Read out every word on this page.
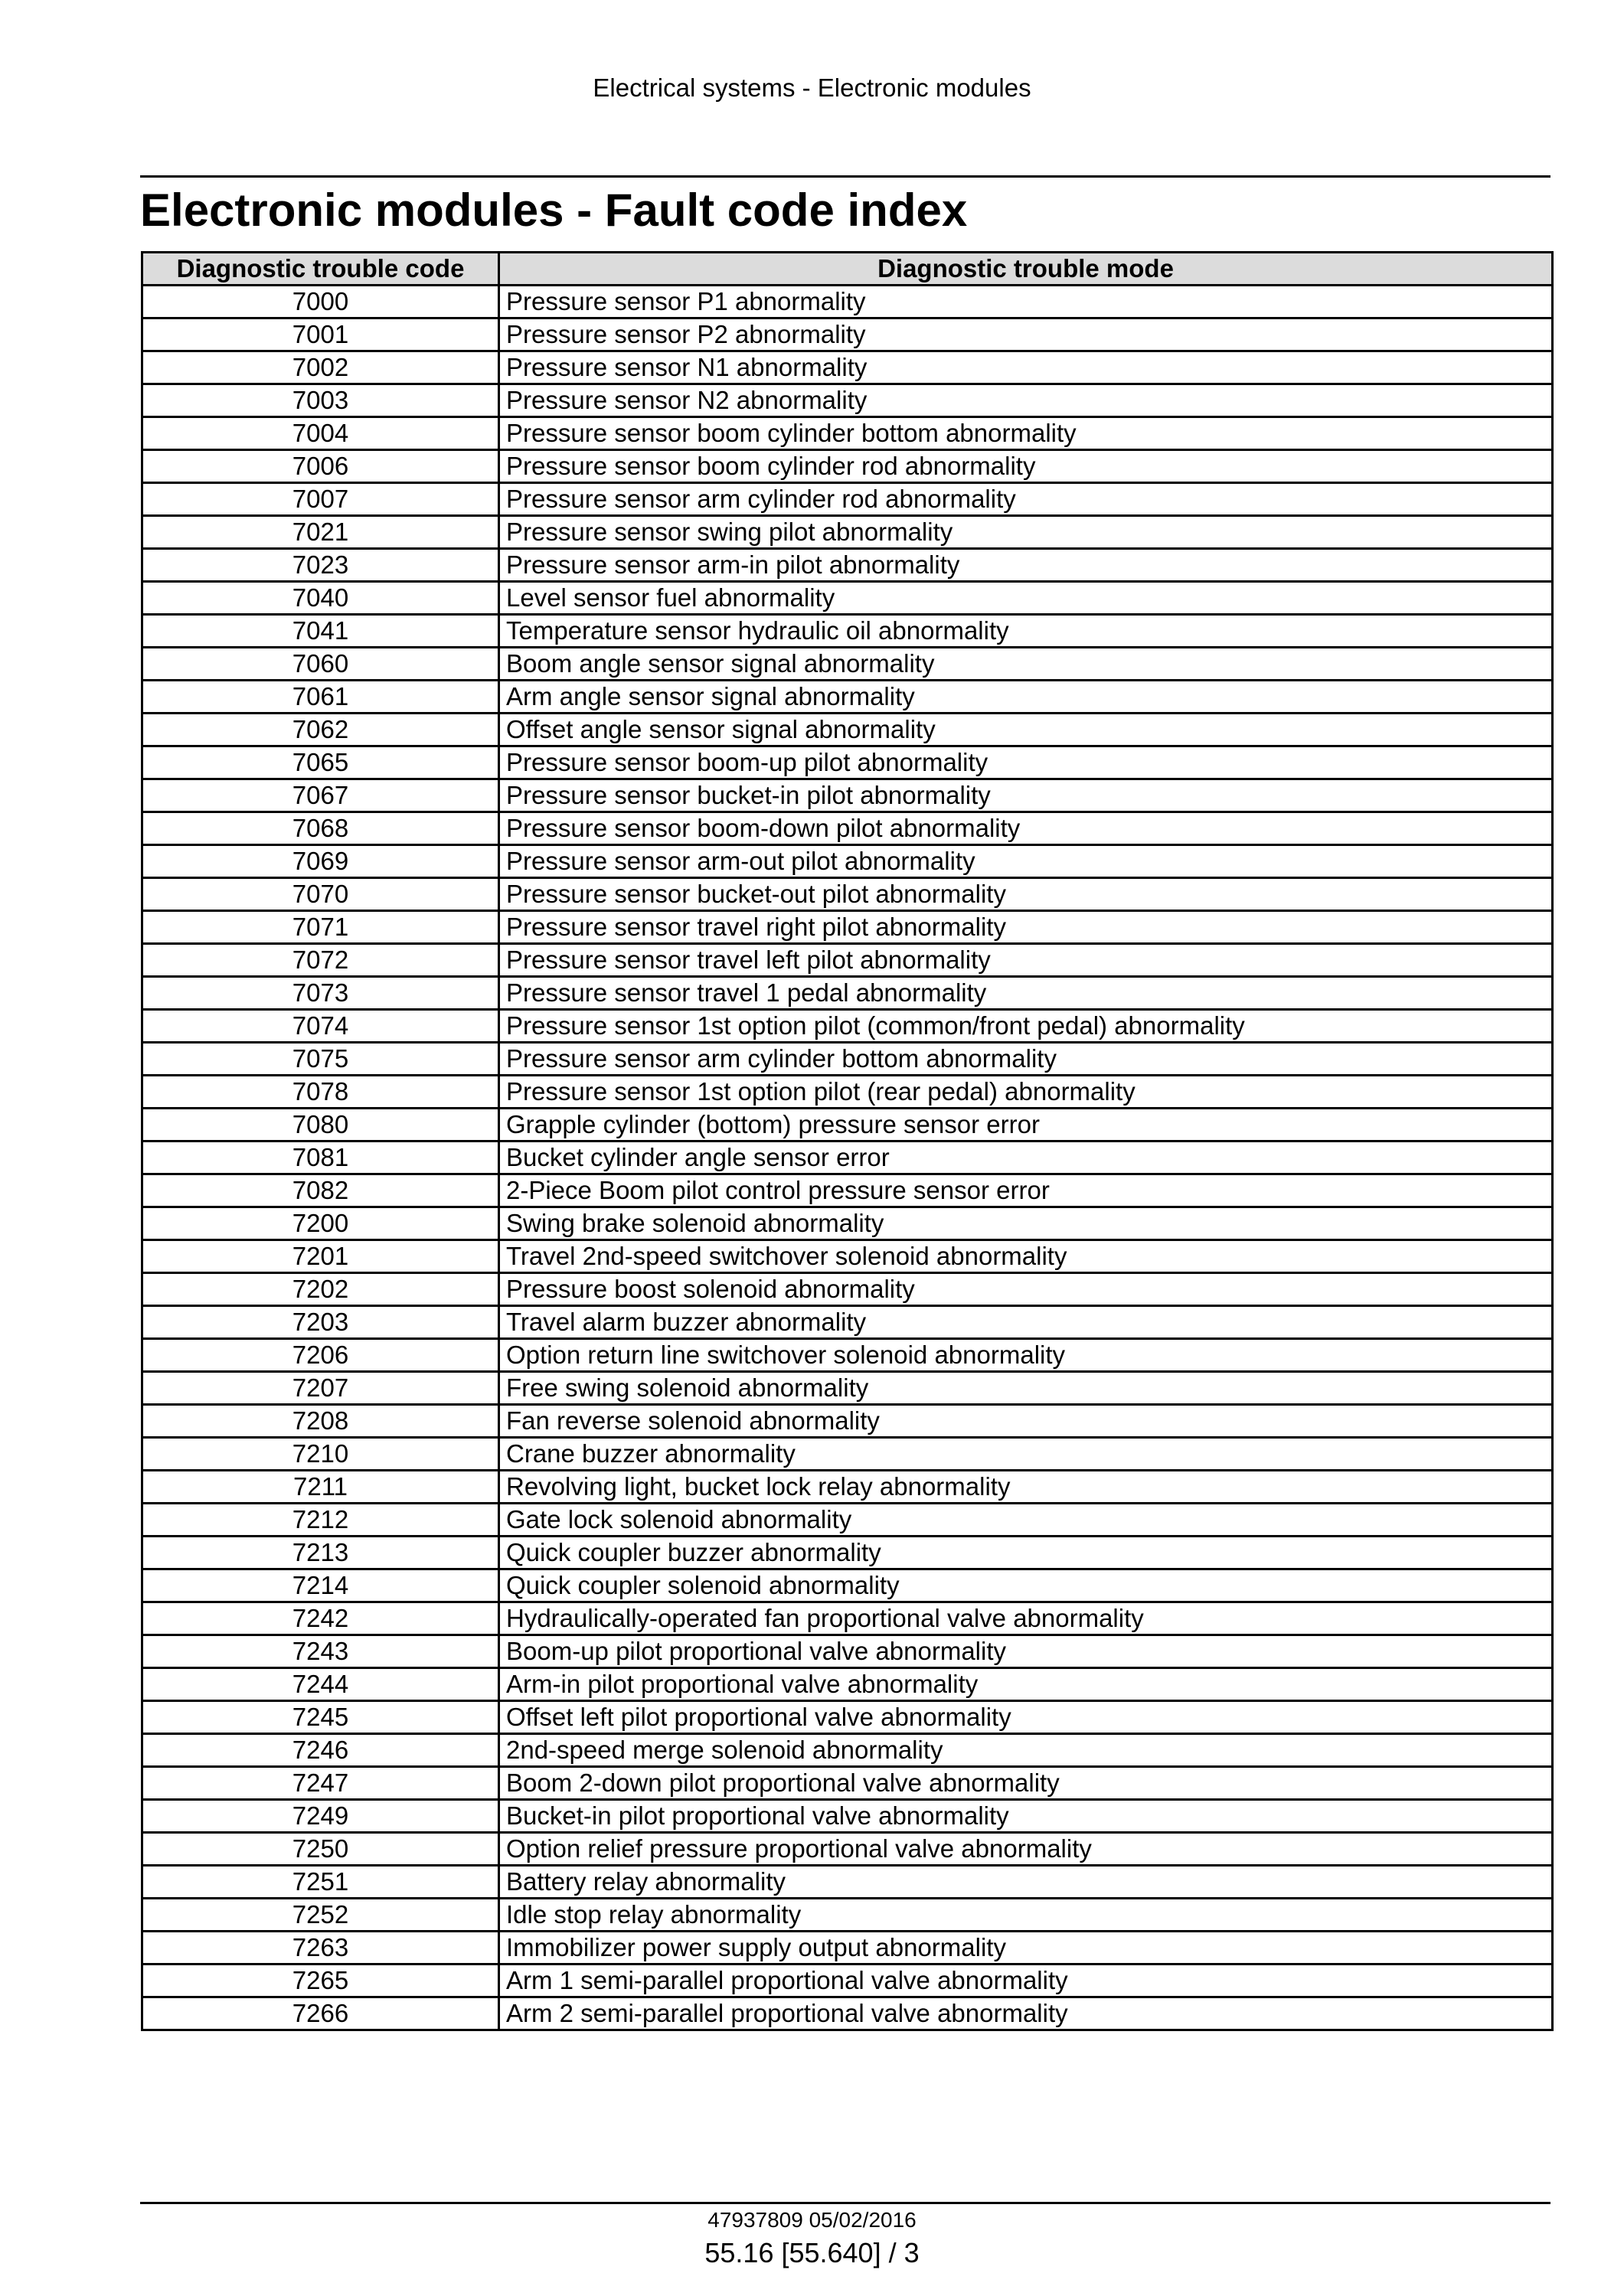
Electrical systems - Electronic modules
Electronic modules - Fault code index
Diagnostic trouble code	Diagnostic trouble mode
7000	Pressure sensor P1 abnormality
7001	Pressure sensor P2 abnormality
7002	Pressure sensor N1 abnormality
7003	Pressure sensor N2 abnormality
7004	Pressure sensor boom cylinder bottom abnormality
7006	Pressure sensor boom cylinder rod abnormality
7007	Pressure sensor arm cylinder rod abnormality
7021	Pressure sensor swing pilot abnormality
7023	Pressure sensor arm-in pilot abnormality
7040	Level sensor fuel abnormality
7041	Temperature sensor hydraulic oil abnormality
7060	Boom angle sensor signal abnormality
7061	Arm angle sensor signal abnormality
7062	Offset angle sensor signal abnormality
7065	Pressure sensor boom-up pilot abnormality
7067	Pressure sensor bucket-in pilot abnormality
7068	Pressure sensor boom-down pilot abnormality
7069	Pressure sensor arm-out pilot abnormality
7070	Pressure sensor bucket-out pilot abnormality
7071	Pressure sensor travel right pilot abnormality
7072	Pressure sensor travel left pilot abnormality
7073	Pressure sensor travel 1 pedal abnormality
7074	Pressure sensor 1st option pilot (common/front pedal) abnormality
7075	Pressure sensor arm cylinder bottom abnormality
7078	Pressure sensor 1st option pilot (rear pedal) abnormality
7080	Grapple cylinder (bottom) pressure sensor error
7081	Bucket cylinder angle sensor error
7082	2-Piece Boom pilot control pressure sensor error
7200	Swing brake solenoid abnormality
7201	Travel 2nd-speed switchover solenoid abnormality
7202	Pressure boost solenoid abnormality
7203	Travel alarm buzzer abnormality
7206	Option return line switchover solenoid abnormality
7207	Free swing solenoid abnormality
7208	Fan reverse solenoid abnormality
7210	Crane buzzer abnormality
7211	Revolving light, bucket lock relay abnormality
7212	Gate lock solenoid abnormality
7213	Quick coupler buzzer abnormality
7214	Quick coupler solenoid abnormality
7242	Hydraulically-operated fan proportional valve abnormality
7243	Boom-up pilot proportional valve abnormality
7244	Arm-in pilot proportional valve abnormality
7245	Offset left pilot proportional valve abnormality
7246	2nd-speed merge solenoid abnormality
7247	Boom 2-down pilot proportional valve abnormality
7249	Bucket-in pilot proportional valve abnormality
7250	Option relief pressure proportional valve abnormality
7251	Battery relay abnormality
7252	Idle stop relay abnormality
7263	Immobilizer power supply output abnormality
7265	Arm 1 semi-parallel proportional valve abnormality
7266	Arm 2 semi-parallel proportional valve abnormality
47937809 05/02/2016
55.16 [55.640] / 3
